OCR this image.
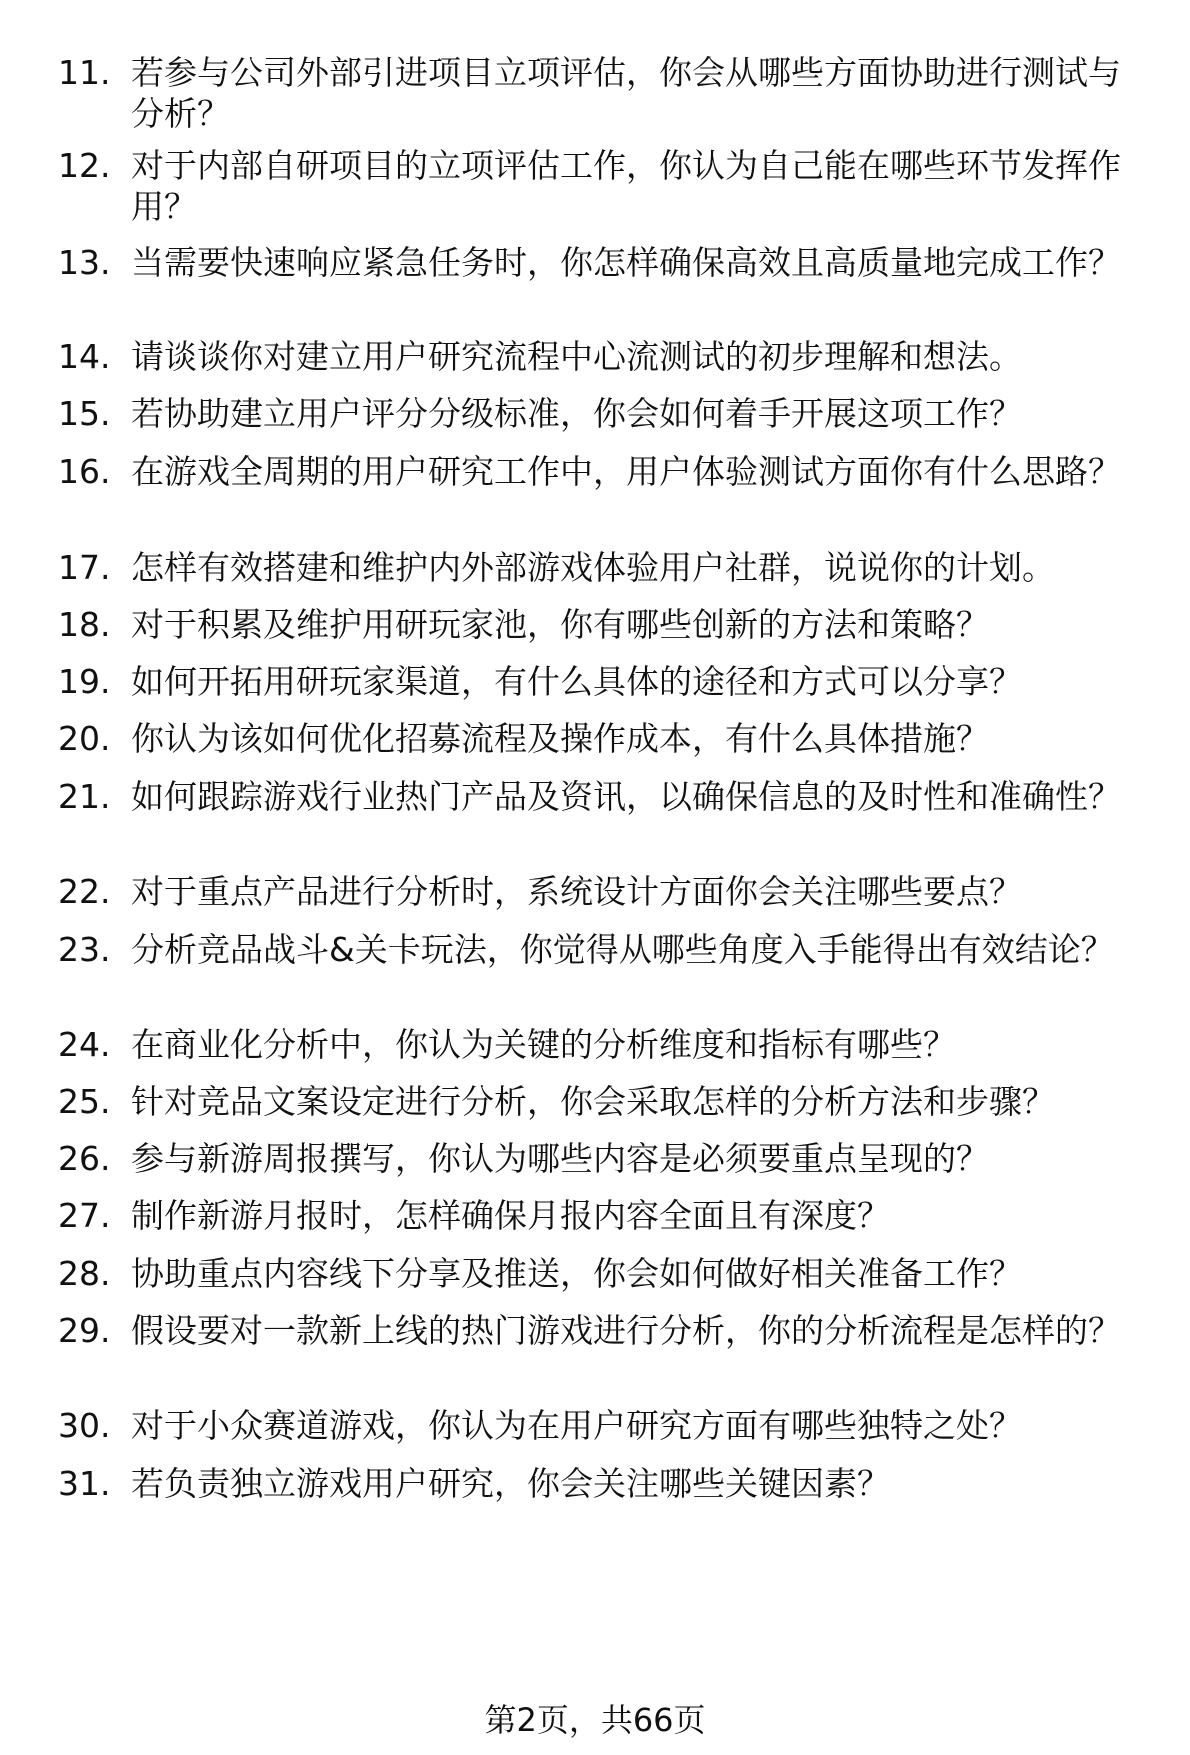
11. 若参与公司外部引进项目立项评估，你会从哪些方面协助进行测试与分析？
12. 对于内部自研项目的立项评估工作，你认为自己能在哪些环节发挥作用？
13. 当需要快速响应紧急任务时，你怎样确保高效且高质量地完成工作？
14. 请谈谈你对建立用户研究流程中心流测试的初步理解和想法。
15. 若协助建立用户评分分级标准，你会如何着手开展这项工作？
16. 在游戏全周期的用户研究工作中，用户体验测试方面你有什么思路？
17. 怎样有效搭建和维护内外部游戏体验用户社群，说说你的计划。
18. 对于积累及维护用研玩家池，你有哪些创新的方法和策略？
19. 如何开拓用研玩家渠道，有什么具体的途径和方式可以分享？
20. 你认为该如何优化招募流程及操作成本，有什么具体措施？
21. 如何跟踪游戏行业热门产品及资讯，以确保信息的及时性和准确性？
22. 对于重点产品进行分析时，系统设计方面你会关注哪些要点？
23. 分析竞品战斗&关卡玩法，你觉得从哪些角度入手能得出有效结论？
24. 在商业化分析中，你认为关键的分析维度和指标有哪些？
25. 针对竞品文案设定进行分析，你会采取怎样的分析方法和步骤？
26. 参与新游周报撰写，你认为哪些内容是必须要重点呈现的？
27. 制作新游月报时，怎样确保月报内容全面且有深度？
28. 协助重点内容线下分享及推送，你会如何做好相关准备工作？
29. 假设要对一款新上线的热门游戏进行分析，你的分析流程是怎样的？
30. 对于小众赛道游戏，你认为在用户研究方面有哪些独特之处？
31. 若负责独立游戏用户研究，你会关注哪些关键因素？
第2页，共66页
